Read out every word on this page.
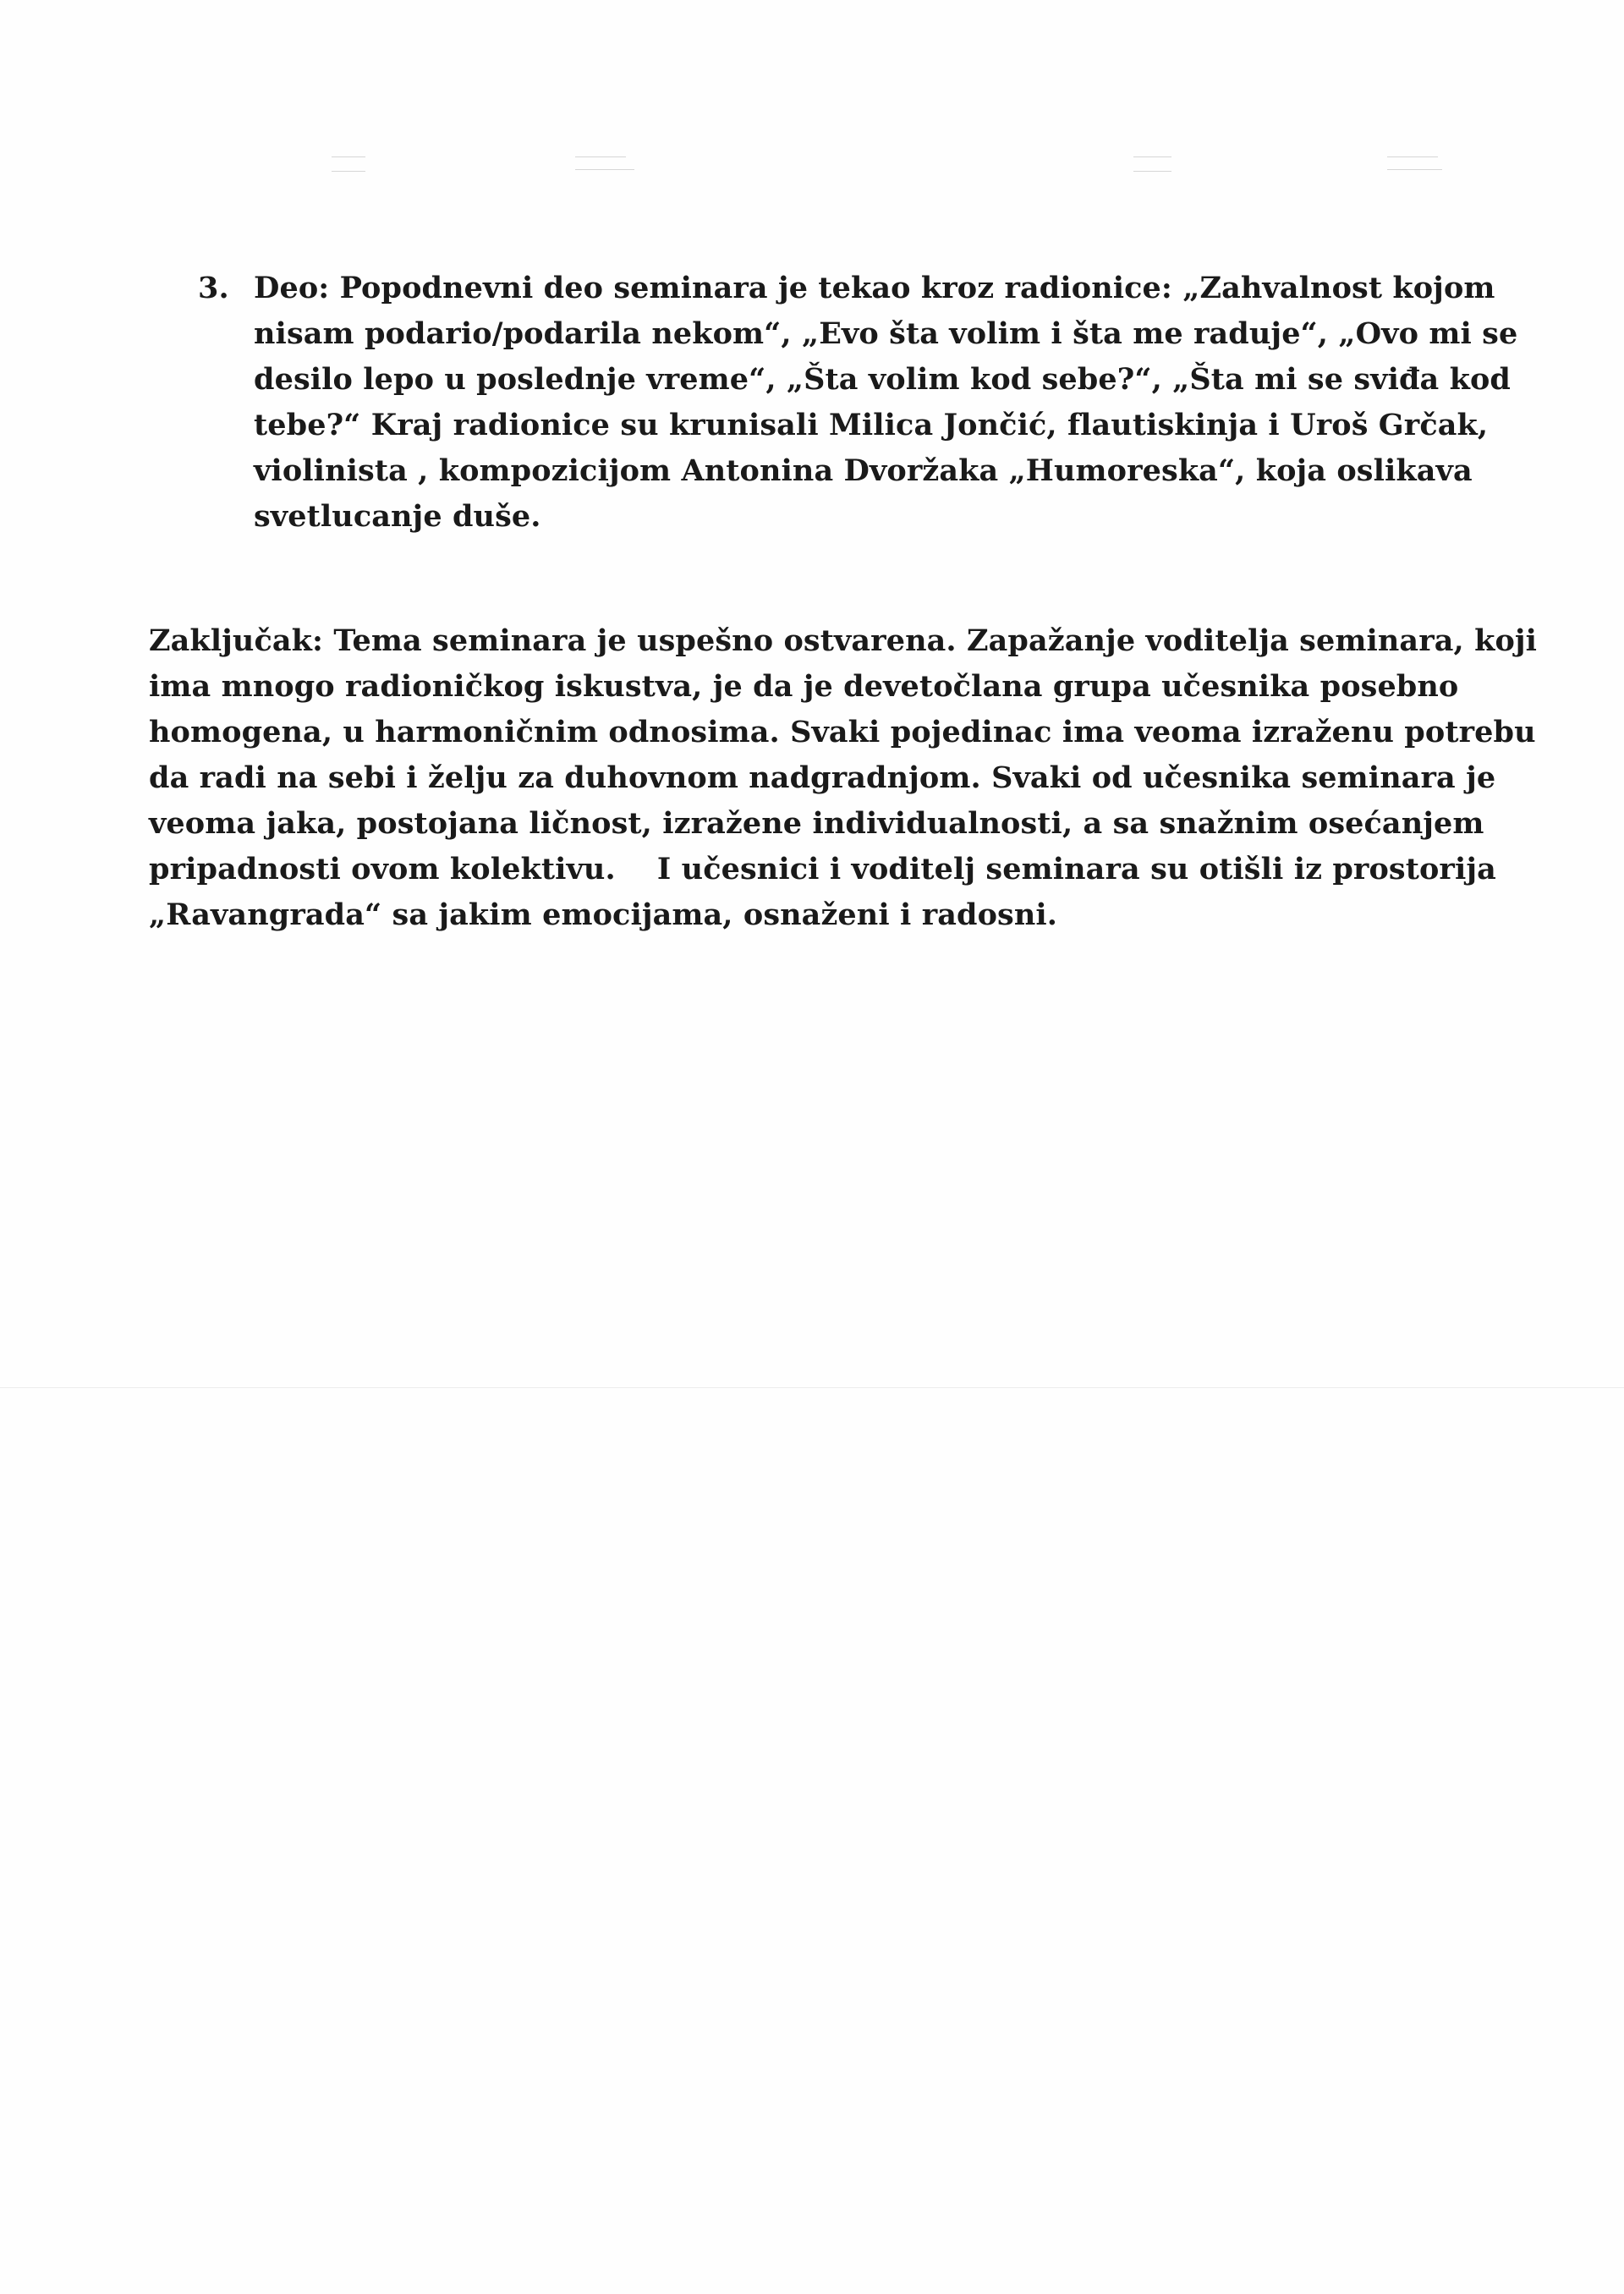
3. Deo: Popodnevni deo seminara je tekao kroz radionice: „Zahvalnost kojom
nisam podario/podarila nekom“, „Evo šta volim i šta me raduje“, „Ovo mi se
desilo lepo u poslednje vreme“, „Šta volim kod sebe?“, „Šta mi se sviđa kod
tebe?“ Kraj radionice su krunisali Milica Jončić, flautiskinja i Uroš Grčak,
violinista , kompozicijom Antonina Dvoržaka „Humoreska“, koja oslikava
svetlucanje duše.
Zaključak: Tema seminara je uspešno ostvarena. Zapažanje voditelja seminara, koji
ima mnogo radioničkog iskustva, je da je devetočlana grupa učesnika posebno
homogena, u harmoničnim odnosima. Svaki pojedinac ima veoma izraženu potrebu
da radi na sebi i želju za duhovnom nadgradnjom. Svaki od učesnika seminara je
veoma jaka, postojana ličnost, izražene individualnosti, a sa snažnim osećanjem
pripadnosti ovom kolektivu.    I učesnici i voditelj seminara su otišli iz prostorija
„Ravangrada“ sa jakim emocijama, osnaženi i radosni.
